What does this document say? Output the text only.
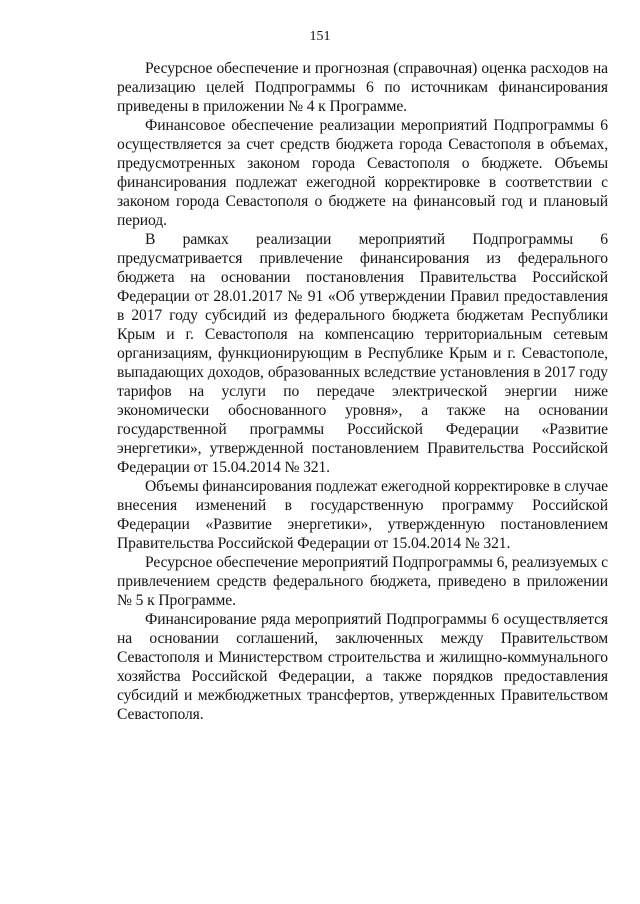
151

Ресурсное обеспечение и прогнозная (справочная) оценка расходов на реализацию целей Подпрограммы 6 по источникам финансирования приведены в приложении № 4 к Программе.

Финансовое обеспечение реализации мероприятий Подпрограммы 6 осуществляется за счет средств бюджета города Севастополя в объемах, предусмотренных законом города Севастополя о бюджете. Объемы финансирования подлежат ежегодной корректировке в соответствии с законом города Севастополя о бюджете на финансовый год и плановый период.

В рамках реализации мероприятий Подпрограммы 6 предусматривается привлечение финансирования из федерального бюджета на основании постановления Правительства Российской Федерации от 28.01.2017 № 91 «Об утверждении Правил предоставления в 2017 году субсидий из федерального бюджета бюджетам Республики Крым и г. Севастополя на компенсацию территориальным сетевым организациям, функционирующим в Республике Крым и г. Севастополе, выпадающих доходов, образованных вследствие установления в 2017 году тарифов на услуги по передаче электрической энергии ниже экономически обоснованного уровня», а также на основании государственной программы Российской Федерации «Развитие энергетики», утвержденной постановлением Правительства Российской Федерации от 15.04.2014 № 321.

Объемы финансирования подлежат ежегодной корректировке в случае внесения изменений в государственную программу Российской Федерации «Развитие энергетики», утвержденную постановлением Правительства Российской Федерации от 15.04.2014 № 321.

Ресурсное обеспечение мероприятий Подпрограммы 6, реализуемых с привлечением средств федерального бюджета, приведено в приложении № 5 к Программе.

Финансирование ряда мероприятий Подпрограммы 6 осуществляется на основании соглашений, заключенных между Правительством Севастополя и Министерством строительства и жилищно-коммунального хозяйства Российской Федерации, а также порядков предоставления субсидий и межбюджетных трансфертов, утвержденных Правительством Севастополя.
